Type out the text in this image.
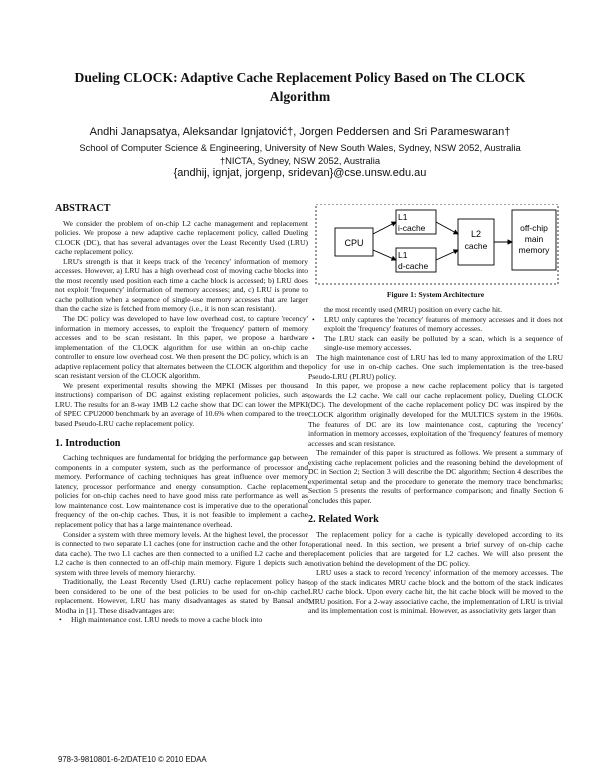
Dueling CLOCK: Adaptive Cache Replacement Policy Based on The CLOCK
Algorithm
Andhi Janapsatya, Aleksandar Ignjatović†, Jorgen Peddersen and Sri Parameswaran†
School of Computer Science & Engineering, University of New South Wales, Sydney, NSW 2052, Australia
†NICTA, Sydney, NSW 2052, Australia
{andhij, ignjat, jorgenp, sridevan}@cse.unsw.edu.au
ABSTRACT

We consider the problem of on-chip L2 cache management and replacement policies. We propose a new adaptive cache replacement policy, called Dueling CLOCK (DC), that has several advantages over the Least Recently Used (LRU) cache replacement policy.

LRU's strength is that it keeps track of the 'recency' information of memory accesses. However, a) LRU has a high overhead cost of moving cache blocks into the most recently used position each time a cache block is accessed; b) LRU does not exploit 'frequency' information of memory accesses; and, c) LRU is prone to cache pollution when a sequence of single-use memory accesses that are larger than the cache size is fetched from memory (i.e., it is non scan resistant).

The DC policy was developed to have low overhead cost, to capture 'recency' information in memory accesses, to exploit the 'frequency' pattern of memory accesses and to be scan resistant. In this paper, we propose a hardware implementation of the CLOCK algorithm for use within an on-chip cache controller to ensure low overhead cost. We then present the DC policy, which is an adaptive replacement policy that alternates between the CLOCK algorithm and the scan resistant version of the CLOCK algorithm.

We present experimental results showing the MPKI (Misses per thousand instructions) comparison of DC against existing replacement policies, such as LRU. The results for an 8-way 1MB L2 cache show that DC can lower the MPKI of SPEC CPU2000 benchmark by an average of 10.6% when compared to the tree based Pseudo-LRU cache replacement policy.

1. Introduction

Caching techniques are fundamental for bridging the performance gap between components in a computer system, such as the performance of processor and memory. Performance of caching techniques has great influence over memory latency, processor performance and energy consumption. Cache replacement policies for on-chip caches need to have good miss rate performance as well as low maintenance cost. Low maintenance cost is imperative due to the operational frequency of the on-chip caches. Thus, it is not feasible to implement a cache replacement policy that has a large maintenance overhead.

Consider a system with three memory levels. At the highest level, the processor is connected to two separate L1 caches (one for instruction cache and the other for data cache). The two L1 caches are then connected to a unified L2 cache and the L2 cache is then connected to an off-chip main memory. Figure 1 depicts such a system with three levels of memory hierarchy.

Traditionally, the Least Recently Used (LRU) cache replacement policy has been considered to be one of the best policies to be used for on-chip cache replacement. However, LRU has many disadvantages as stated by Bansal and Modha in [1]. These disadvantages are:

• High maintenance cost. LRU needs to move a cache block into

CPU
L1
i-cache
L1
d-cache
L2
cache
off-chip
main
memory
Figure 1: System Architecture

the most recently used (MRU) position on every cache hit.

• LRU only captures the 'recency' features of memory accesses and it does not exploit the 'frequency' features of memory accesses.

• The LRU stack can easily be polluted by a scan, which is a sequence of single-use memory accesses.

The high maintenance cost of LRU has led to many approximation of the LRU policy for use in on-chip caches. One such implementation is the tree-based Pseudo-LRU (PLRU) policy.

In this paper, we propose a new cache replacement policy that is targeted towards the L2 cache. We call our cache replacement policy, Dueling CLOCK (DC). The development of the cache replacement policy DC was inspired by the CLOCK algorithm originally developed for the MULTICS system in the 1960s. The features of DC are its low maintenance cost, capturing the 'recency' information in memory accesses, exploitation of the 'frequency' features of memory accesses and scan resistance.

The remainder of this paper is structured as follows. We present a summary of existing cache replacement policies and the reasoning behind the development of DC in Section 2; Section 3 will describe the DC algorithm; Section 4 describes the experimental setup and the procedure to generate the memory trace benchmarks; Section 5 presents the results of performance comparison; and finally Section 6 concludes this paper.

2. Related Work

The replacement policy for a cache is typically developed according to its operational need. In this section, we present a brief survey of on-chip cache replacement policies that are targeted for L2 caches. We will also present the motivation behind the development of the DC policy.

LRU uses a stack to record 'recency' information of the memory accesses. The top of the stack indicates MRU cache block and the bottom of the stack indicates LRU cache block. Upon every cache hit, the hit cache block will be moved to the MRU position. For a 2-way associative cache, the implementation of LRU is trivial and its implementation cost is minimal. However, as associativity gets larger than

978-3-9810801-6-2/DATE10 © 2010 EDAA
